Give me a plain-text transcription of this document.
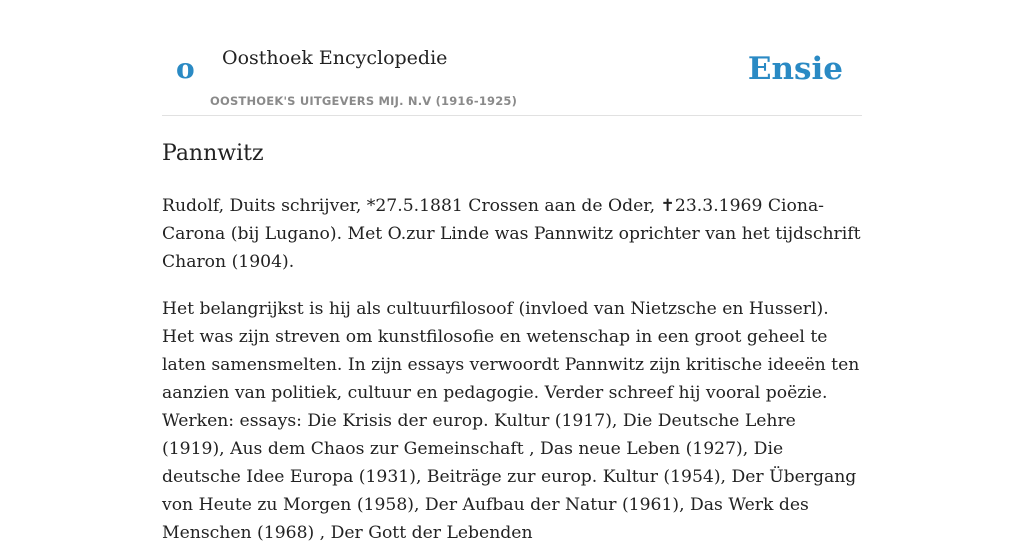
o Oosthoek Encyclopedie
OOSTHOEK'S UITGEVERS MIJ. N.V (1916-1925)
Ensie
Pannwitz

Rudolf, Duits schrijver, *27.5.1881 Crossen aan de Oder, ✝23.3.1969 Ciona-Carona (bij Lugano). Met O.zur Linde was Pannwitz oprichter van het tijdschrift Charon (1904).

Het belangrijkst is hij als cultuurfilosoof (invloed van Nietzsche en Husserl). Het was zijn streven om kunstfilosofie en wetenschap in een groot geheel te laten samensmelten. In zijn essays verwoordt Pannwitz zijn kritische ideeën ten aanzien van politiek, cultuur en pedagogie. Verder schreef hij vooral poëzie. Werken: essays: Die Krisis der europ. Kultur (1917), Die Deutsche Lehre (1919), Aus dem Chaos zur Gemeinschaft , Das neue Leben (1927), Die deutsche Idee Europa (1931), Beiträge zur europ. Kultur (1954), Der Übergang von Heute zu Morgen (1958), Der Aufbau der Natur (1961), Das Werk des Menschen (1968) , Der Gott der Lebenden
